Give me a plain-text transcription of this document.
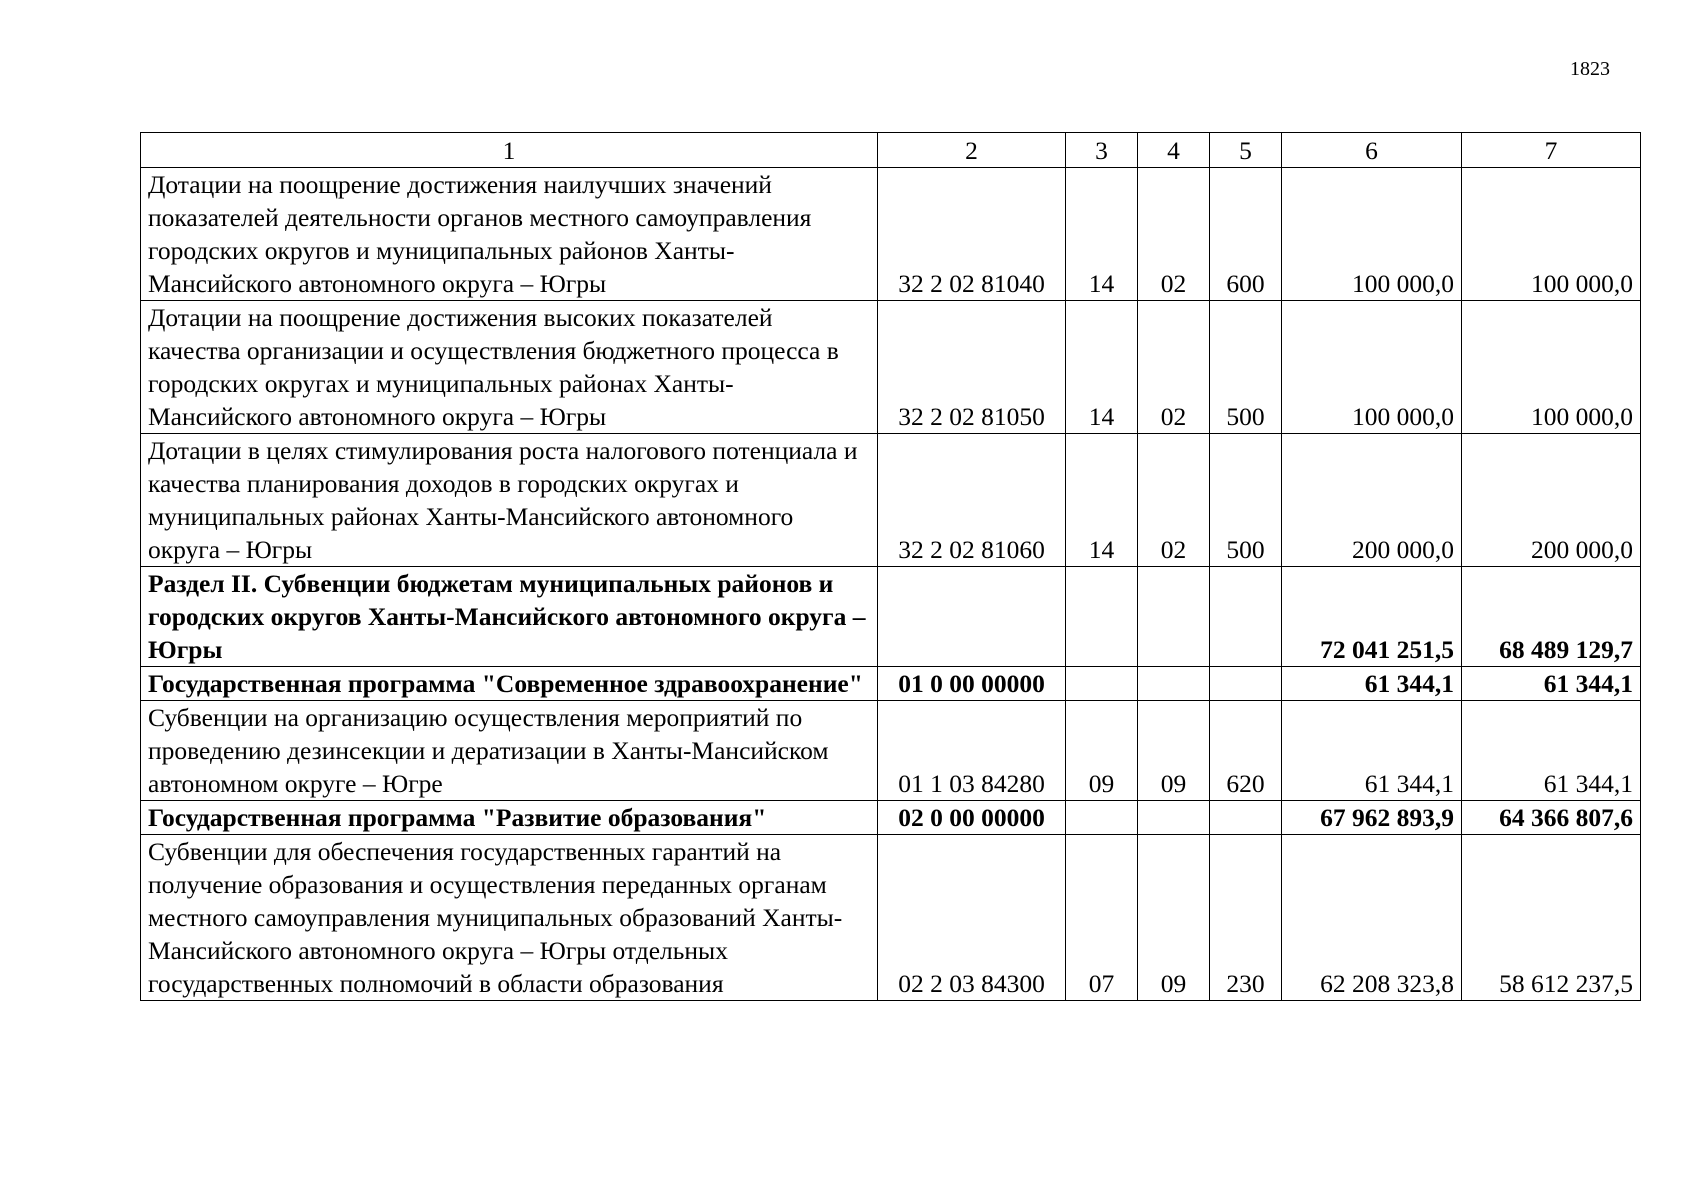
1823
1	2	3	4	5	6	7
Дотации на поощрение достижения наилучших значений показателей деятельности органов местного самоуправления городских округов и муниципальных районов Ханты-Мансийского автономного округа – Югры	32 2 02 81040	14	02	600	100 000,0	100 000,0
Дотации на поощрение достижения высоких показателей качества организации и осуществления бюджетного процесса в городских округах и муниципальных районах Ханты-Мансийского автономного округа – Югры	32 2 02 81050	14	02	500	100 000,0	100 000,0
Дотации в целях стимулирования роста налогового потенциала и качества планирования доходов в городских округах и муниципальных районах Ханты-Мансийского автономного округа – Югры	32 2 02 81060	14	02	500	200 000,0	200 000,0
Раздел II. Субвенции бюджетам муниципальных районов и городских округов Ханты-Мансийского автономного округа – Югры					72 041 251,5	68 489 129,7
Государственная программа "Современное здравоохранение"	01 0 00 00000				61 344,1	61 344,1
Субвенции на организацию осуществления мероприятий по проведению дезинсекции и дератизации в Ханты-Мансийском автономном округе – Югре	01 1 03 84280	09	09	620	61 344,1	61 344,1
Государственная программа "Развитие образования"	02 0 00 00000				67 962 893,9	64 366 807,6
Субвенции для обеспечения государственных гарантий на получение образования и осуществления переданных органам местного самоуправления муниципальных образований Ханты-Мансийского автономного округа – Югры отдельных государственных полномочий в области образования	02 2 03 84300	07	09	230	62 208 323,8	58 612 237,5
